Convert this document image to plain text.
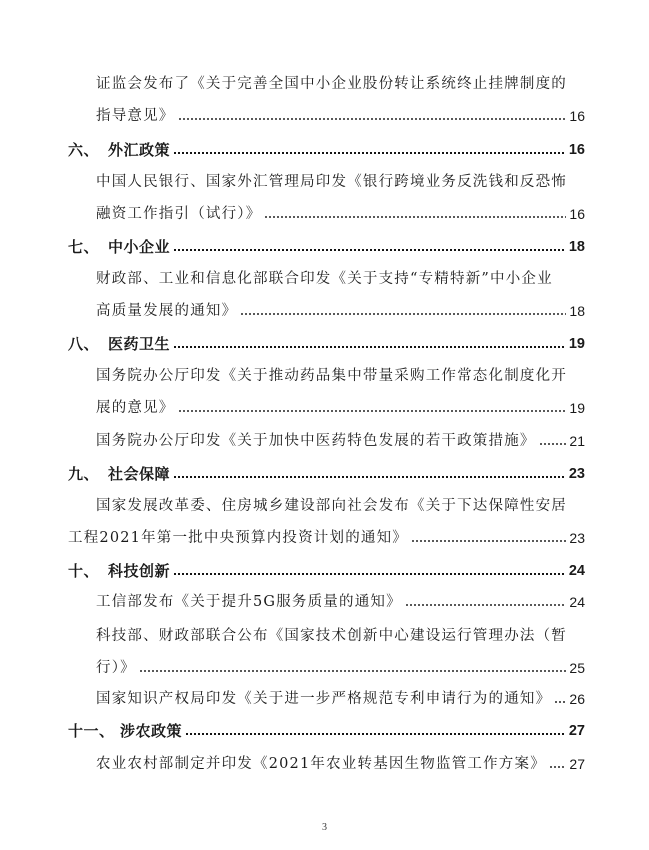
证监会发布了《关于完善全国中小企业股份转让系统终止挂牌制度的
指导意见》	16
六、 外汇政策	16
中国人民银行、国家外汇管理局印发《银行跨境业务反洗钱和反恐怖
融资工作指引（试行）》	16
七、 中小企业	18
财政部、工业和信息化部联合印发《关于支持“专精特新”中小企业
高质量发展的通知》	18
八、 医药卫生	19
国务院办公厅印发《关于推动药品集中带量采购工作常态化制度化开
展的意见》	19
国务院办公厅印发《关于加快中医药特色发展的若干政策措施》 21
九、 社会保障	23
国家发展改革委、住房城乡建设部向社会发布《关于下达保障性安居
工程2021年第一批中央预算内投资计划的通知》	23
十、 科技创新	24
工信部发布《关于提升5G服务质量的通知》	24
科技部、财政部联合公布《国家技术创新中心建设运行管理办法（暂
行）》	25
国家知识产权局印发《关于进一步严格规范专利申请行为的通知》 26
十一、 涉农政策	27
农业农村部制定并印发《2021年农业转基因生物监管工作方案》 27
3
